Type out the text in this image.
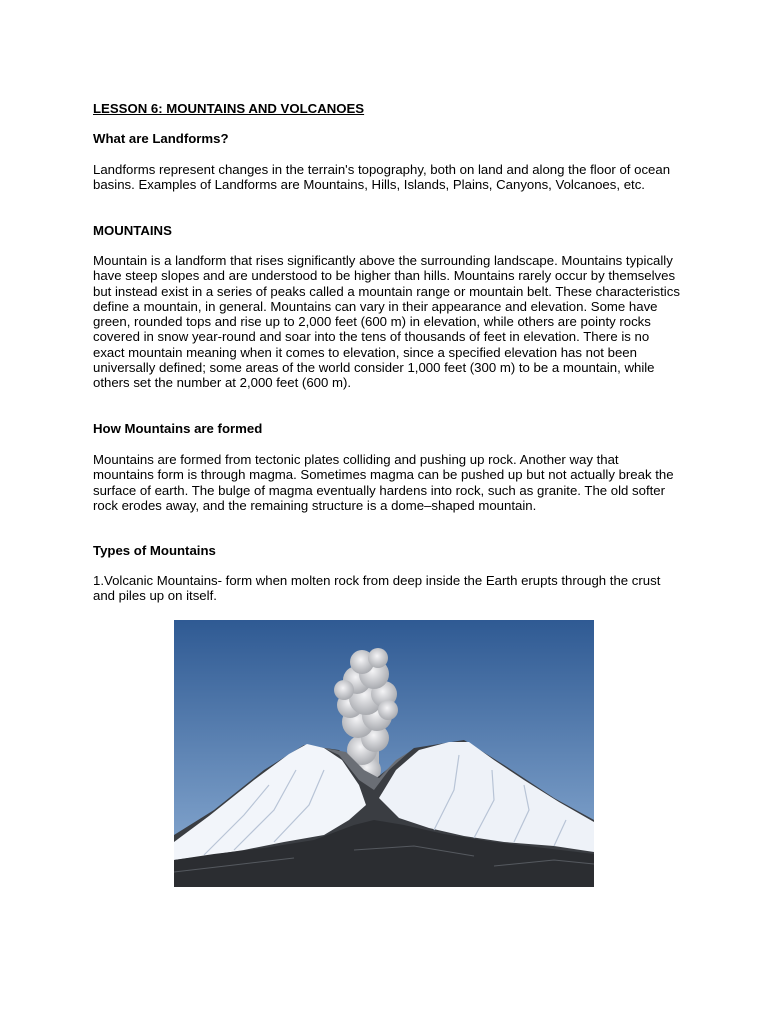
LESSON 6: MOUNTAINS AND VOLCANOES

What are Landforms?

Landforms represent changes in the terrain's topography, both on land and along the floor of ocean basins. Examples of Landforms are Mountains, Hills, Islands, Plains, Canyons, Volcanoes, etc.

MOUNTAINS

Mountain is a landform that rises significantly above the surrounding landscape. Mountains typically have steep slopes and are understood to be higher than hills. Mountains rarely occur by themselves but instead exist in a series of peaks called a mountain range or mountain belt. These characteristics define a mountain, in general. Mountains can vary in their appearance and elevation. Some have green, rounded tops and rise up to 2,000 feet (600 m) in elevation, while others are pointy rocks covered in snow year-round and soar into the tens of thousands of feet in elevation. There is no exact mountain meaning when it comes to elevation, since a specified elevation has not been universally defined; some areas of the world consider 1,000 feet (300 m) to be a mountain, while others set the number at 2,000 feet (600 m).

How Mountains are formed

Mountains are formed from tectonic plates colliding and pushing up rock. Another way that mountains form is through magma. Sometimes magma can be pushed up but not actually break the surface of earth. The bulge of magma eventually hardens into rock, such as granite. The old softer rock erodes away, and the remaining structure is a dome–shaped mountain.

Types of Mountains

1.Volcanic Mountains- form when molten rock from deep inside the Earth erupts through the crust and piles up on itself.
